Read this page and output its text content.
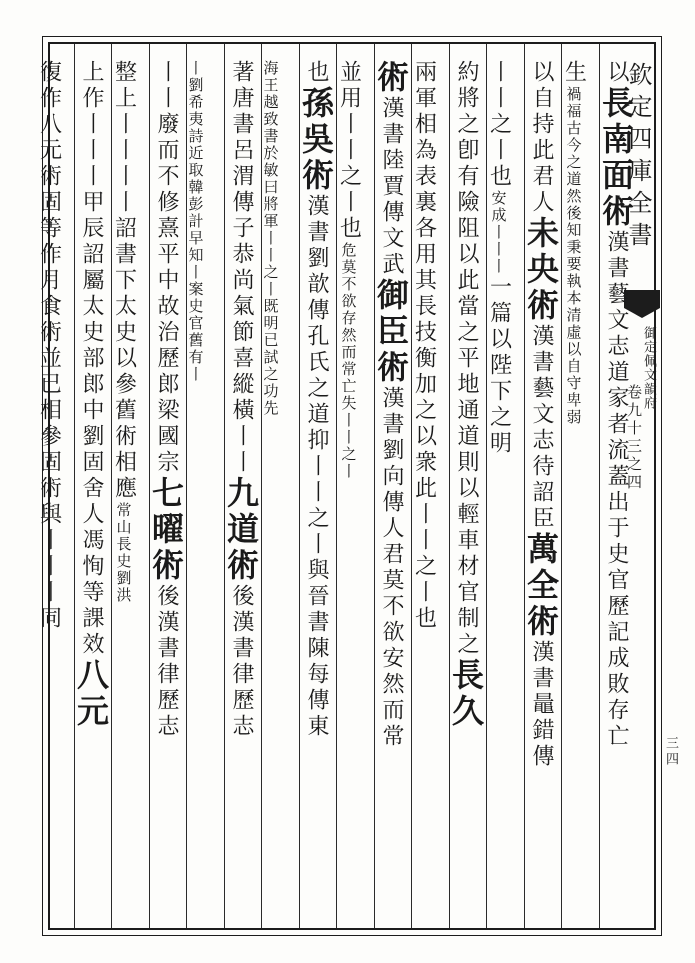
欽定四庫全書
御定佩文韻府
卷九十三之四
三四
以長南面術漢書藝文志道家者流蓋出于史官歷記成敗存亡
生禍福古今之道然後知秉要執本清虛以自守卑弱
以自持此君人未央術漢書藝文志待詔臣萬全術漢書鼂錯傳
丨丨之丨也安成丨丨丨一篇以陛下之明
約將之卽有險阻以此當之平地通道則以輕車材官制之長久
兩軍相為表裏各用其長技衡加之以衆此丨丨之丨也
術漢書陸賈傳文武御臣術漢書劉向傳人君莫不欲安然而常
並用丨丨之丨也危莫不欲存然而常亡失丨丨之丨
也孫吳術漢書劉歆傳孔氏之道抑丨丨之丨與晉書陳每傳東
海王越致書於敏曰將軍丨丨之丨既明已試之功先
著唐書呂渭傳子恭尚氣節喜縱橫丨丨九道術後漢書律歷志
丨劉希夷詩近取韓彭計早知丨案史官舊有丨
丨丨廢而不修熹平中故治歷郎梁國宗七曜術後漢書律歷志
整上丨丨丨丨詔書下太史以參舊術相應常山長史劉洪
上作丨丨丨甲辰詔屬太史部郎中劉固舍人馮恂等課效八元
復作八元術固等作月食術並已相參固術與丨丨丨同
